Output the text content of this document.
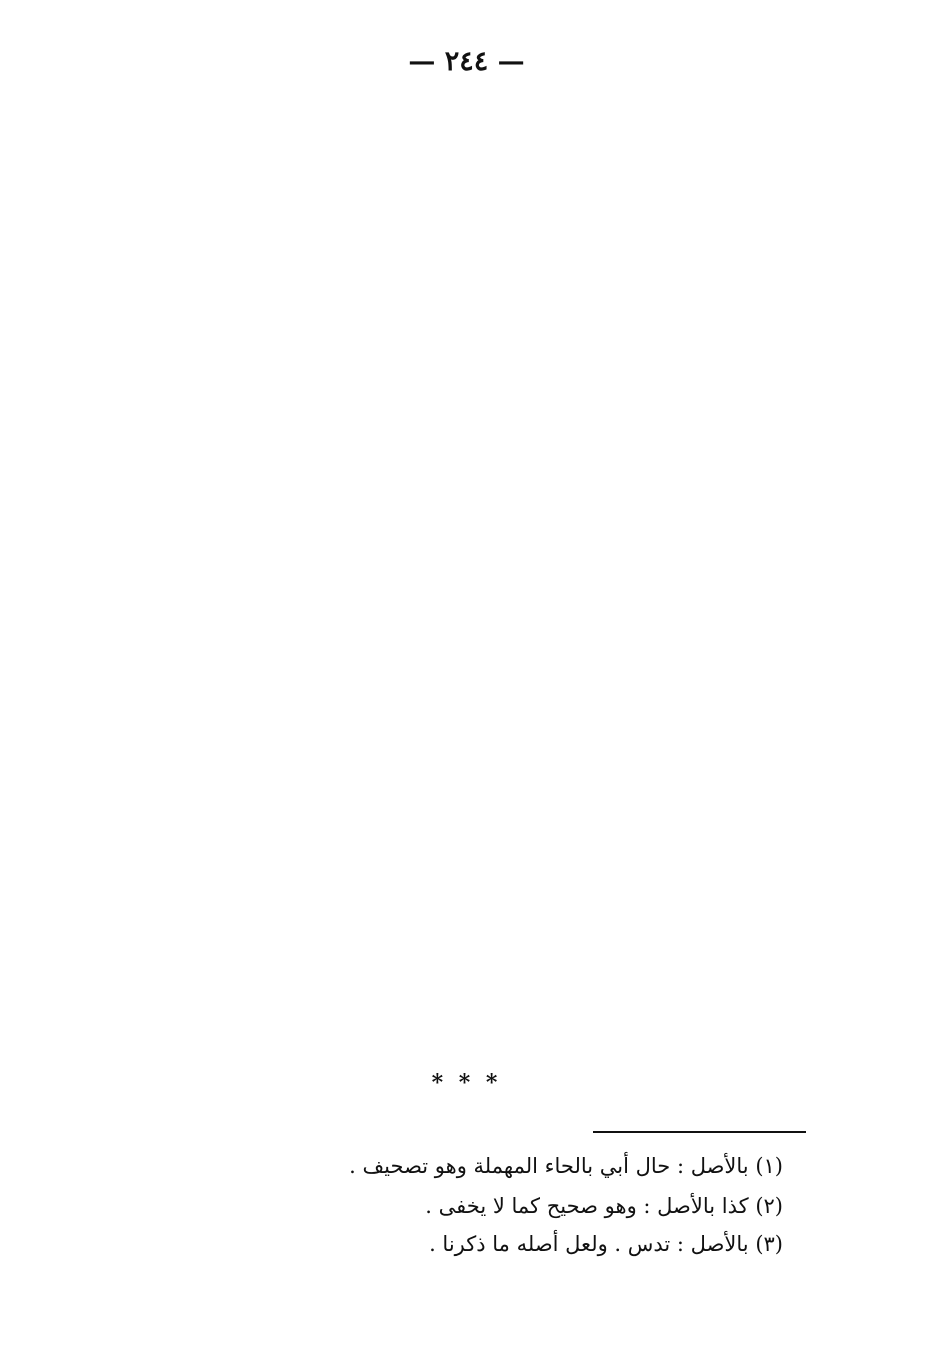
— ٢٤٤ —
* * *
(١) بالأصل : حال أبي بالحاء المهملة وهو تصحيف .
(٢) كذا بالأصل : وهو صحيح كما لا يخفى .
(٣) بالأصل : تدس . ولعل أصله ما ذكرنا .
